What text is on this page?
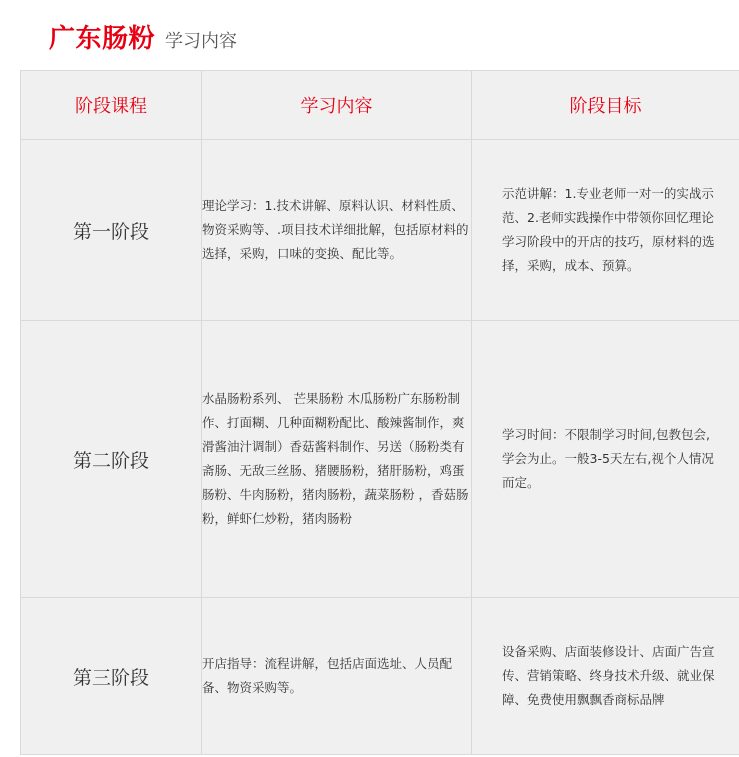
广东肠粉 学习内容
阶段课程	学习内容	阶段目标
第一阶段	理论学习：1.技术讲解、原料认识、材料性质、物资采购等、.项目技术详细批解，包括原材料的选择，采购，口味的变换、配比等。	示范讲解：1.专业老师一对一的实战示范、2.老师实践操作中带领你回忆理论学习阶段中的开店的技巧，原材料的选择，采购，成本、预算。
第二阶段	水晶肠粉系列、 芒果肠粉 木瓜肠粉广东肠粉制作、打面糊、几种面糊粉配比、酸辣酱制作，爽滑酱油汁调制）香菇酱料制作、另送（肠粉类有斋肠、无敌三丝肠、猪腰肠粉，猪肝肠粉，鸡蛋肠粉、牛肉肠粉，猪肉肠粉，蔬菜肠粉 ，香菇肠粉，鲜虾仁炒粉，猪肉肠粉	学习时间：不限制学习时间,包教包会,学会为止。一般3-5天左右,视个人情况而定。
第三阶段	开店指导：流程讲解，包括店面选址、人员配备、物资采购等。	设备采购、店面装修设计、店面广告宣传、营销策略、终身技术升级、就业保障、免费使用飘飘香商标品牌
